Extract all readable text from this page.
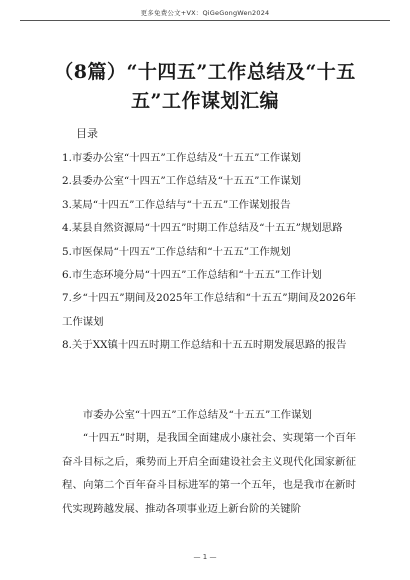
更多免费公文+VX：QiGeGongWen2024
（8篇）“十四五”工作总结及“十五五”工作谋划汇编
目录
1.市委办公室“十四五”工作总结及“十五五”工作谋划
2.县委办公室“十四五”工作总结及“十五五”工作谋划
3.某局“十四五”工作总结与“十五五”工作谋划报告
4.某县自然资源局“十四五”时期工作总结及“十五五”规划思路
5.市医保局“十四五”工作总结和“十五五”工作规划
6.市生态环境分局“十四五”工作总结和“十五五”工作计划
7.乡“十四五”期间及2025年工作总结和“十五五”期间及2026年工作谋划
8.关于XX镇十四五时期工作总结和十五五时期发展思路的报告

市委办公室“十四五”工作总结及“十五五”工作谋划

“十四五”时期，是我国全面建成小康社会、实现第一个百年奋斗目标之后，乘势而上开启全面建设社会主义现代化国家新征程、向第二个百年奋斗目标进军的第一个五年，也是我市在新时代实现跨越发展、推动各项事业迈上新台阶的关键阶

— 1 —
